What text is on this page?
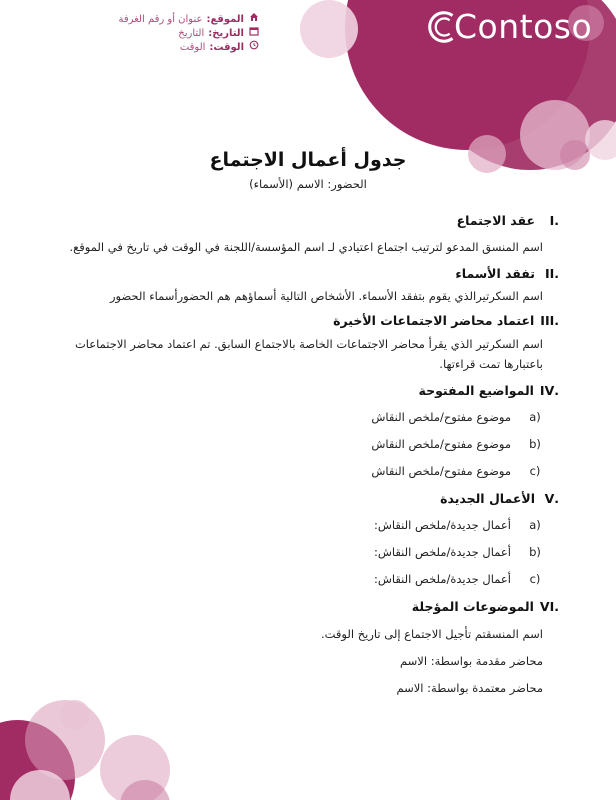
Contoso
الموقع:
عنوان أو رقم الغرفة
التاريخ:
التاريخ
الوقت:
الوقت
جدول أعمال الاجتماع
الحضور: الاسم (الأسماء)
.I
عقد الاجتماع
اسم المنسق المدعو لترتيب اجتماع اعتيادي لـ اسم المؤسسة/اللجنة في الوقت في تاريخ في الموقع.
.II
تفقد الأسماء
اسم السكرتيرالذي يقوم بتفقد الأسماء. الأشخاص التالية أسماؤهم هم الحضورأسماء الحضور
.III
اعتماد محاضر الاجتماعات الأخيرة
اسم السكرتير الذي يقرأ محاضر الاجتماعات الخاصة بالاجتماع السابق. تم اعتماد محاضر الاجتماعات باعتبارها تمت قراءتها.
.IV
المواضيع المفتوحة
a)
موضوع مفتوح/ملخص النقاش
b)
موضوع مفتوح/ملخص النقاش
c)
موضوع مفتوح/ملخص النقاش
.V
الأعمال الجديدة
a)
أعمال جديدة/ملخص النقاش:
b)
أعمال جديدة/ملخص النقاش:
c)
أعمال جديدة/ملخص النقاش:
.VI
الموضوعات المؤجلة
اسم المنسقتم تأجيل الاجتماع إلى تاريخ الوقت.
محاضر مقدمة بواسطة: الاسم
محاضر معتمدة بواسطة: الاسم
